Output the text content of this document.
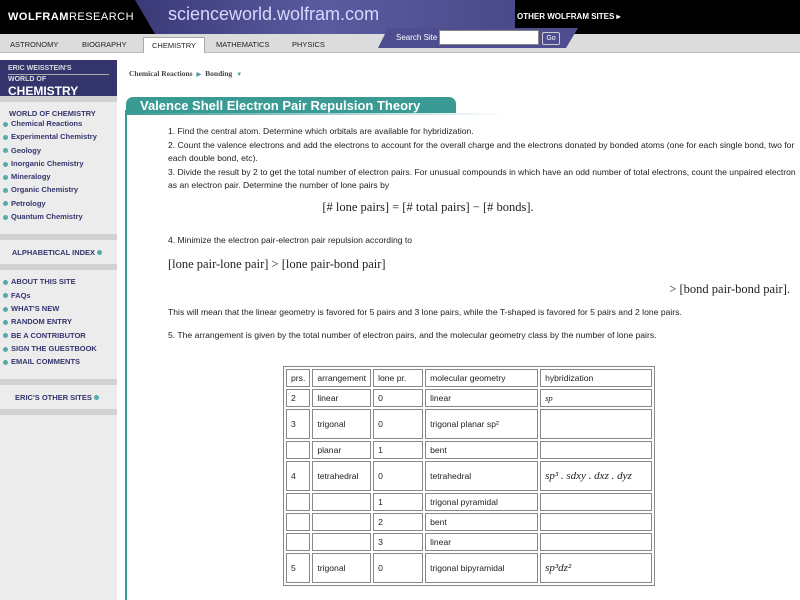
WOLFRAMRESEARCH scienceworld.wolfram.com	OTHER WOLFRAM SITES ▸
ASTRONOMY	BIOGRAPHY	CHEMISTRY	MATHEMATICS	PHYSICS
Search Site	Go
ERIC WEISSTEIN'S
WORLD OF CHEMISTRY
WORLD OF CHEMISTRY
Chemical Reactions
Experimental Chemistry
Geology
Inorganic Chemistry
Mineralogy
Organic Chemistry
Petrology
Quantum Chemistry
ALPHABETICAL INDEX
ABOUT THIS SITE
FAQs
WHAT'S NEW
RANDOM ENTRY
BE A CONTRIBUTOR
SIGN THE GUESTBOOK
EMAIL COMMENTS
ERIC'S OTHER SITES
Chemical Reactions ▶ Bonding ▼
Valence Shell Electron Pair Repulsion Theory
1. Find the central atom. Determine which orbitals are available for hybridization.
2. Count the valence electrons and add the electrons to account for the overall charge and the electrons donated by bonded atoms (one for each single bond, two for each double bond, etc).
3. Divide the result by 2 to get the total number of electron pairs. For unusual compounds in which have an odd number of total electrons, count the unpaired electron as an electron pair. Determine the number of lone pairs by
[# lone pairs] = [# total pairs] − [# bonds].
4. Minimize the electron pair-electron pair repulsion according to
[lone pair-lone pair] > [lone pair-bond pair]
> [bond pair-bond pair].
This will mean that the linear geometry is favored for 5 pairs and 3 lone pairs, while the T-shaped is favored for 5 pairs and 2 lone pairs.
5. The arrangement is given by the total number of electron pairs, and the molecular geometry class by the number of lone pairs.
prs.	arrangement	lone pr.	molecular geometry	hybridization
2	linear	0	linear	sp
3	trigonal	0	trigonal planar sp²	
	planar	1	bent	
4	tetrahedral	0	tetrahedral	sp³ . sdxy . dxz . dyz
		1	trigonal pyramidal	
		2	bent	
		3	linear	
5	trigonal	0	trigonal bipyramidal	sp³dz²
